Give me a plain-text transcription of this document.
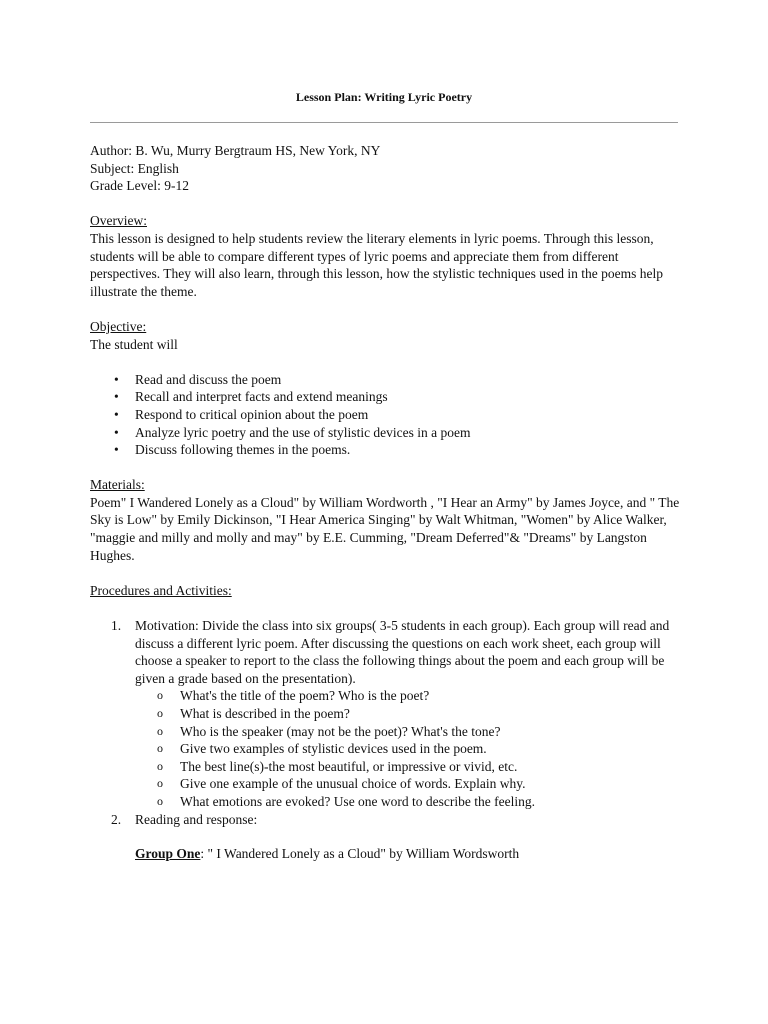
Lesson Plan: Writing Lyric Poetry

Author: B. Wu, Murry Bergtraum HS, New York, NY

Subject: English

Grade Level: 9-12

Overview:

This lesson is designed to help students review the literary elements in lyric poems. Through this lesson, students will be able to compare different types of lyric poems and appreciate them from different perspectives. They will also learn, through this lesson, how the stylistic techniques used in the poems help illustrate the theme.

Objective:

The student will

• Read and discuss the poem
• Recall and interpret facts and extend meanings
• Respond to critical opinion about the poem
• Analyze lyric poetry and the use of stylistic devices in a poem
• Discuss following themes in the poems.

Materials:

Poem" I Wandered Lonely as a Cloud" by William Wordworth , "I Hear an Army" by James Joyce, and " The Sky is Low" by Emily Dickinson, "I Hear America Singing" by Walt Whitman, "Women" by Alice Walker, "maggie and milly and molly and may" by E.E. Cumming, "Dream Deferred"& "Dreams" by Langston Hughes.

Procedures and Activities:

1. Motivation: Divide the class into six groups( 3-5 students in each group). Each group will read and discuss a different lyric poem. After discussing the questions on each work sheet, each group will choose a speaker to report to the class the following things about the poem and each group will be given a grade based on the presentation).

o What's the title of the poem? Who is the poet?
o What is described in the poem?
o Who is the speaker (may not be the poet)? What's the tone?
o Give two examples of stylistic devices used in the poem.
o The best line(s)-the most beautiful, or impressive or vivid, etc.
o Give one example of the unusual choice of words. Explain why.
o What emotions are evoked? Use one word to describe the feeling.
2. Reading and response:

Group One: " I Wandered Lonely as a Cloud" by William Wordsworth
